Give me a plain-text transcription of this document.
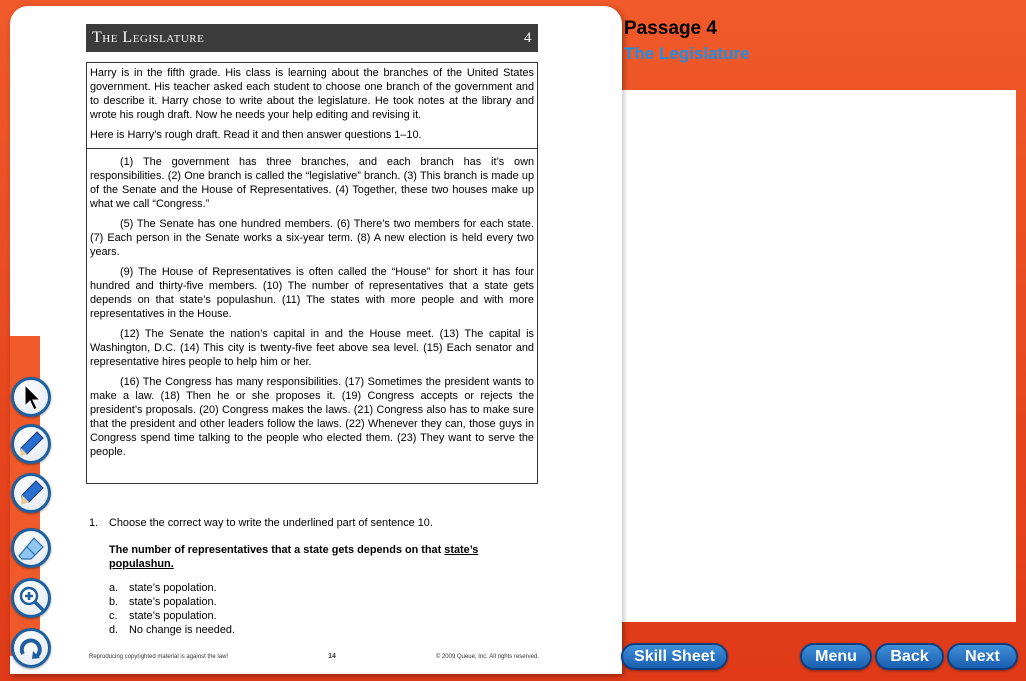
The Legislature	4

Harry is in the fifth grade. His class is learning about the branches of the United States government. His teacher asked each student to choose one branch of the government and to describe it. Harry chose to write about the legislature. He took notes at the library and wrote his rough draft. Now he needs your help editing and revising it.

Here is Harry’s rough draft. Read it and then answer questions 1–10.

(1) The government has three branches, and each branch has it’s own responsibilities. (2) One branch is called the “legislative” branch. (3) This branch is made up of the Senate and the House of Representatives. (4) Together, these two houses make up what we call “Congress.”

(5) The Senate has one hundred members. (6) There’s two members for each state. (7) Each person in the Senate works a six-year term. (8) A new election is held every two years.

(9) The House of Representatives is often called the “House” for short it has four hundred and thirty-five members. (10) The number of representatives that a state gets depends on that state’s populashun. (11) The states with more people and with more representatives in the House.

(12) The Senate the nation’s capital in and the House meet. (13) The capital is Washington, D.C. (14) This city is twenty-five feet above sea level. (15) Each senator and representative hires people to help him or her.

(16) The Congress has many responsibilities. (17) Sometimes the president wants to make a law. (18) Then he or she proposes it. (19) Congress accepts or rejects the president’s proposals. (20) Congress makes the laws. (21) Congress also has to make sure that the president and other leaders follow the laws. (22) Whenever they can, those guys in Congress spend time talking to the people who elected them. (23) They want to serve the people.

1.	Choose the correct way to write the underlined part of sentence 10.
The number of representatives that a state gets depends on that state’s populashun.
a.	state’s popolation.
b.	state’s popalation.
c.	state’s population.
d.	No change is needed.
Reproducing copyrighted material is against the law!	14	© 2009 Queue, Inc. All rights reserved.
Passage 4
The Legislature
Skill Sheet	Menu	Back	Next
